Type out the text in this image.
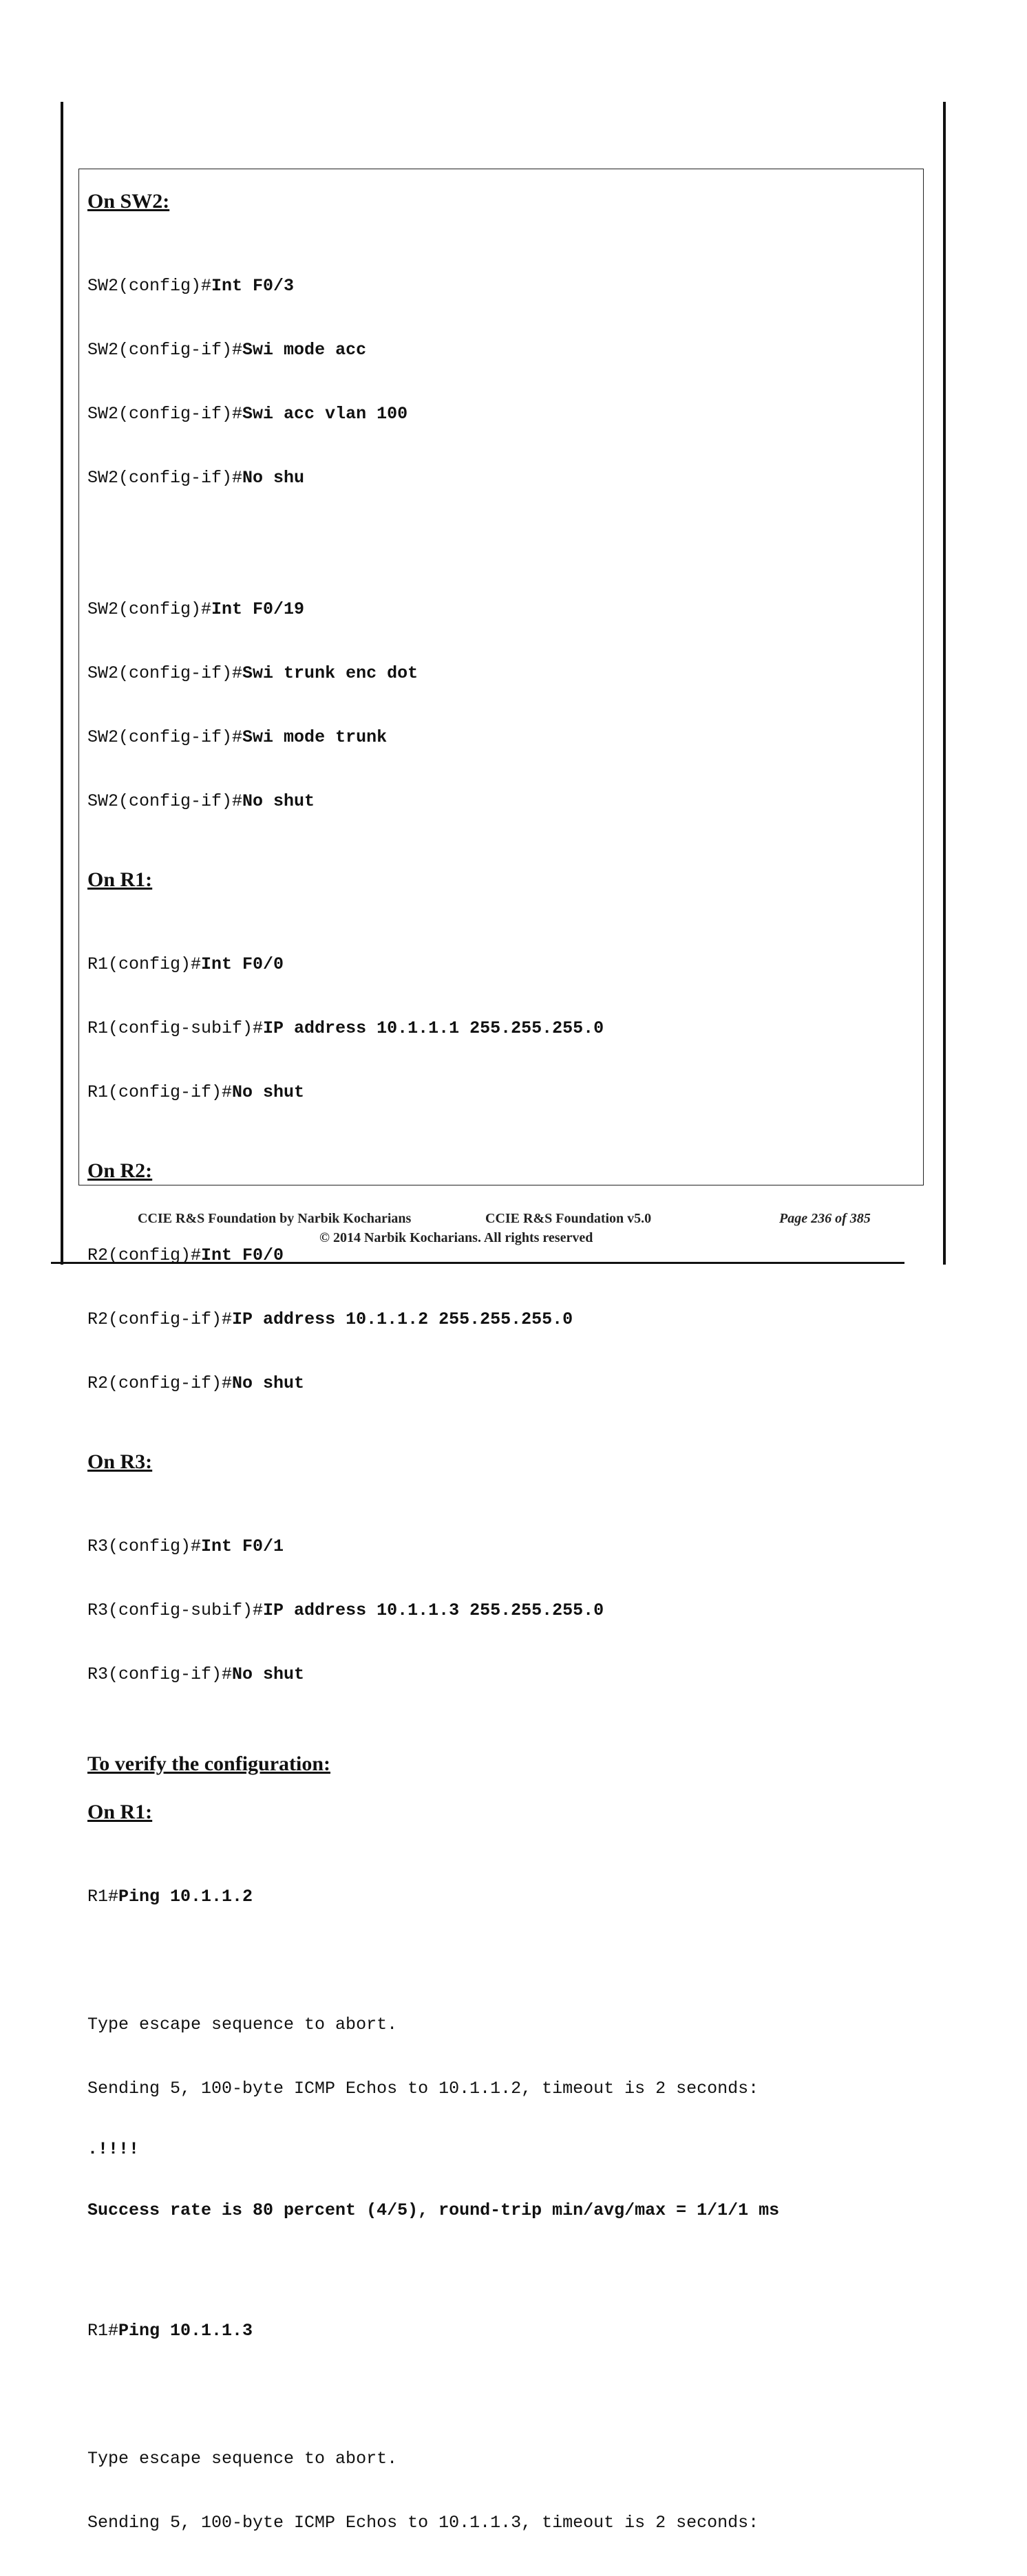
On SW2:

SW2(config)#Int F0/3

SW2(config-if)#Swi mode acc

SW2(config-if)#Swi acc vlan 100

SW2(config-if)#No shu

SW2(config)#Int F0/19

SW2(config-if)#Swi trunk enc dot

SW2(config-if)#Swi mode trunk

SW2(config-if)#No shut

On R1:

R1(config)#Int F0/0

R1(config-subif)#IP address 10.1.1.1 255.255.255.0

R1(config-if)#No shut

On R2:

R2(config)#Int F0/0

R2(config-if)#IP address 10.1.1.2 255.255.255.0

R2(config-if)#No shut

On R3:

R3(config)#Int F0/1

R3(config-subif)#IP address 10.1.1.3 255.255.255.0

R3(config-if)#No shut

To verify the configuration:

On R1:

R1#Ping 10.1.1.2

Type escape sequence to abort.

Sending 5, 100-byte ICMP Echos to 10.1.1.2, timeout is 2 seconds:

.!!!!

Success rate is 80 percent (4/5), round-trip min/avg/max = 1/1/1 ms

R1#Ping 10.1.1.3

Type escape sequence to abort.

Sending 5, 100-byte ICMP Echos to 10.1.1.3, timeout is 2 seconds:

CCIE R&S Foundation by Narbik Kocharians	CCIE R&S Foundation v5.0	Page 236 of 385
© 2014 Narbik Kocharians. All rights reserved
